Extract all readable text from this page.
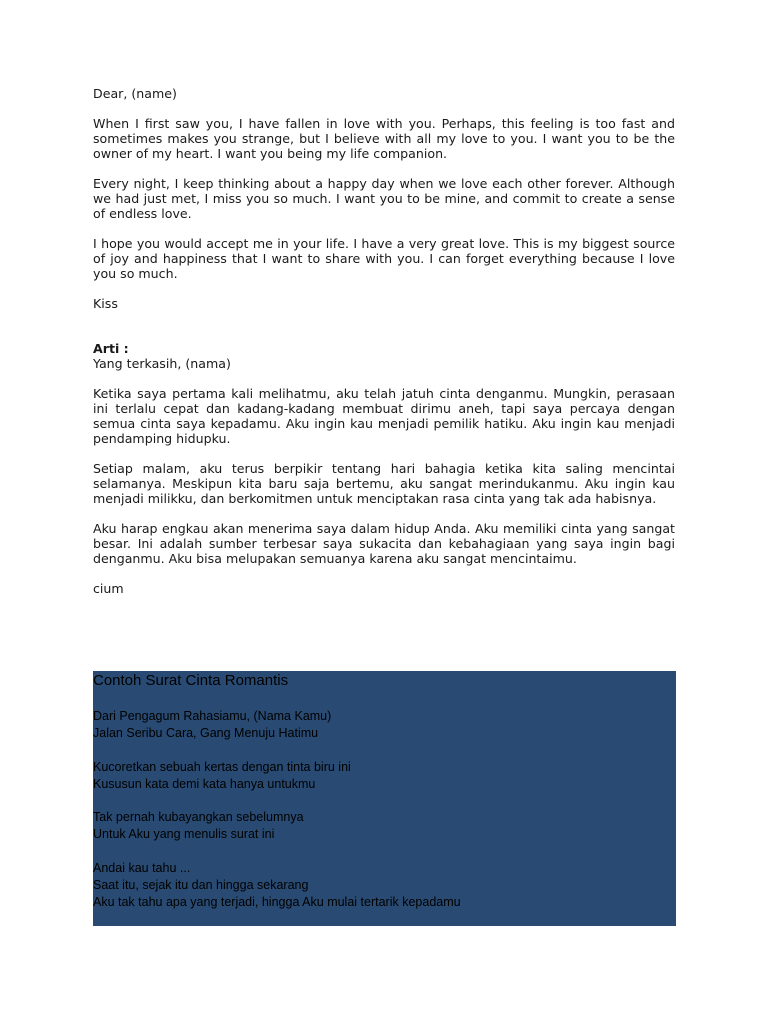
Dear, (name)

When I first saw you, I have fallen in love with you. Perhaps, this feeling is too fast and sometimes makes you strange, but I believe with all my love to you. I want you to be the owner of my heart. I want you being my life companion.

Every night, I keep thinking about a happy day when we love each other forever. Although we had just met, I miss you so much. I want you to be mine, and commit to create a sense of endless love.

I hope you would accept me in your life. I have a very great love. This is my biggest source of joy and happiness that I want to share with you. I can forget everything because I love you so much.

Kiss

Arti :

Yang terkasih, (nama)

Ketika saya pertama kali melihatmu, aku telah jatuh cinta denganmu. Mungkin, perasaan ini terlalu cepat dan kadang-kadang membuat dirimu aneh, tapi saya percaya dengan semua cinta saya kepadamu. Aku ingin kau menjadi pemilik hatiku. Aku ingin kau menjadi pendamping hidupku.

Setiap malam, aku terus berpikir tentang hari bahagia ketika kita saling mencintai selamanya. Meskipun kita baru saja bertemu, aku sangat merindukanmu. Aku ingin kau menjadi milikku, dan berkomitmen untuk menciptakan rasa cinta yang tak ada habisnya.

Aku harap engkau akan menerima saya dalam hidup Anda. Aku memiliki cinta yang sangat besar. Ini adalah sumber terbesar saya sukacita dan kebahagiaan yang saya ingin bagi denganmu. Aku bisa melupakan semuanya karena aku sangat mencintaimu.

cium

Contoh Surat Cinta Romantis
Dari Pengagum Rahasiamu, (Nama Kamu)
Jalan Seribu Cara, Gang Menuju Hatimu
Kucoretkan sebuah kertas dengan tinta biru ini
Kususun kata demi kata hanya untukmu
Tak pernah kubayangkan sebelumnya
Untuk Aku yang menulis surat ini
Andai kau tahu ...
Saat itu, sejak itu dan hingga sekarang
Aku tak tahu apa yang terjadi, hingga Aku mulai tertarik kepadamu
